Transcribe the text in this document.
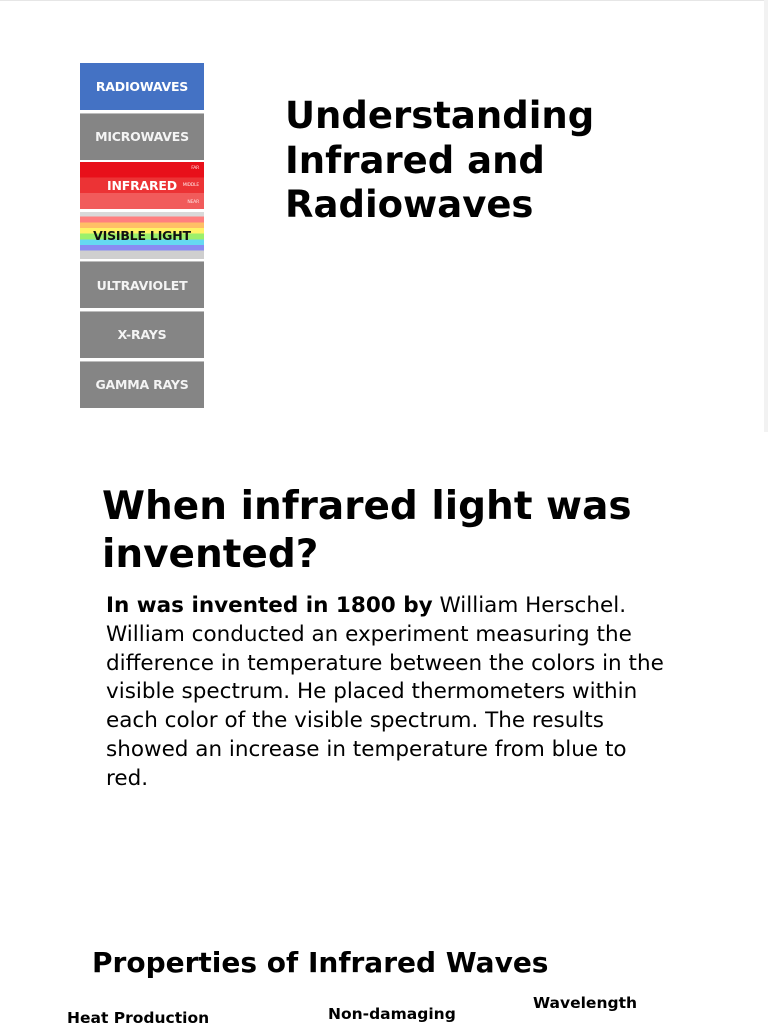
RADIOWAVES
MICROWAVES
INFRARED
FAR
MIDDLE
NEAR
VISIBLE LIGHT
ULTRAVIOLET
X-RAYS
GAMMA RAYS
Understanding Infrared and Radiowaves
When infrared light was invented?

In was invented in 1800 by William Herschel. William conducted an experiment measuring the difference in temperature between the colors in the visible spectrum. He placed thermometers within each color of the visible spectrum. The results showed an increase in temperature from blue to red.

Properties of Infrared Waves
Heat Production	Non-damaging
Wavelength
